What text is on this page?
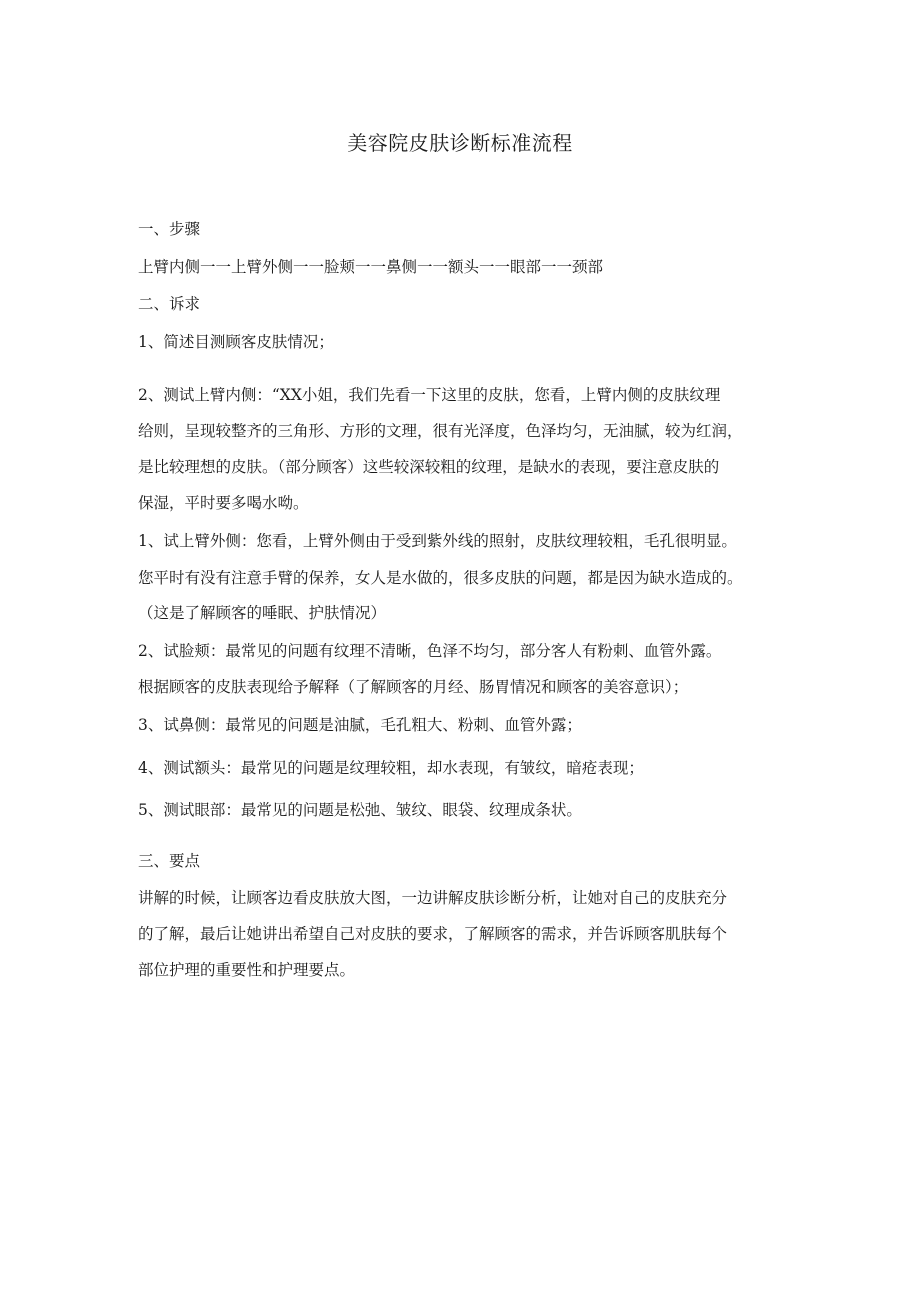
美容院皮肤诊断标准流程
一、步骤
上臂内侧一一上臂外侧一一脸颊一一鼻侧一一额头一一眼部一一颈部
二、诉求
1、简述目测顾客皮肤情况；
2、测试上臂内侧：“XX小姐，我们先看一下这里的皮肤，您看，上臂内侧的皮肤纹理
给则，呈现较整齐的三角形、方形的文理，很有光泽度，色泽均匀，无油腻，较为红润，
是比较理想的皮肤。（部分顾客）这些较深较粗的纹理，是缺水的表现，要注意皮肤的
保湿，平时要多喝水呦。
1、试上臂外侧：您看，上臂外侧由于受到紫外线的照射，皮肤纹理较粗，毛孔很明显。
您平时有没有注意手臂的保养，女人是水做的，很多皮肤的问题，都是因为缺水造成的。
（这是了解顾客的唾眠、护肤情况）
2、试脸颊：最常见的问题有纹理不清晰，色泽不均匀，部分客人有粉刺、血管外露。
根据顾客的皮肤表现给予解释（了解顾客的月经、肠胃情况和顾客的美容意识）；
3、试鼻侧：最常见的问题是油腻，毛孔粗大、粉刺、血管外露；
4、测试额头：最常见的问题是纹理较粗，却水表现，有皱纹，暗疮表现；
5、测试眼部：最常见的问题是松弛、皱纹、眼袋、纹理成条状。
三、要点
讲解的时候，让顾客边看皮肤放大图，一边讲解皮肤诊断分析，让她对自己的皮肤充分
的了解，最后让她讲出希望自己对皮肤的要求，了解顾客的需求，并告诉顾客肌肤每个
部位护理的重要性和护理要点。
